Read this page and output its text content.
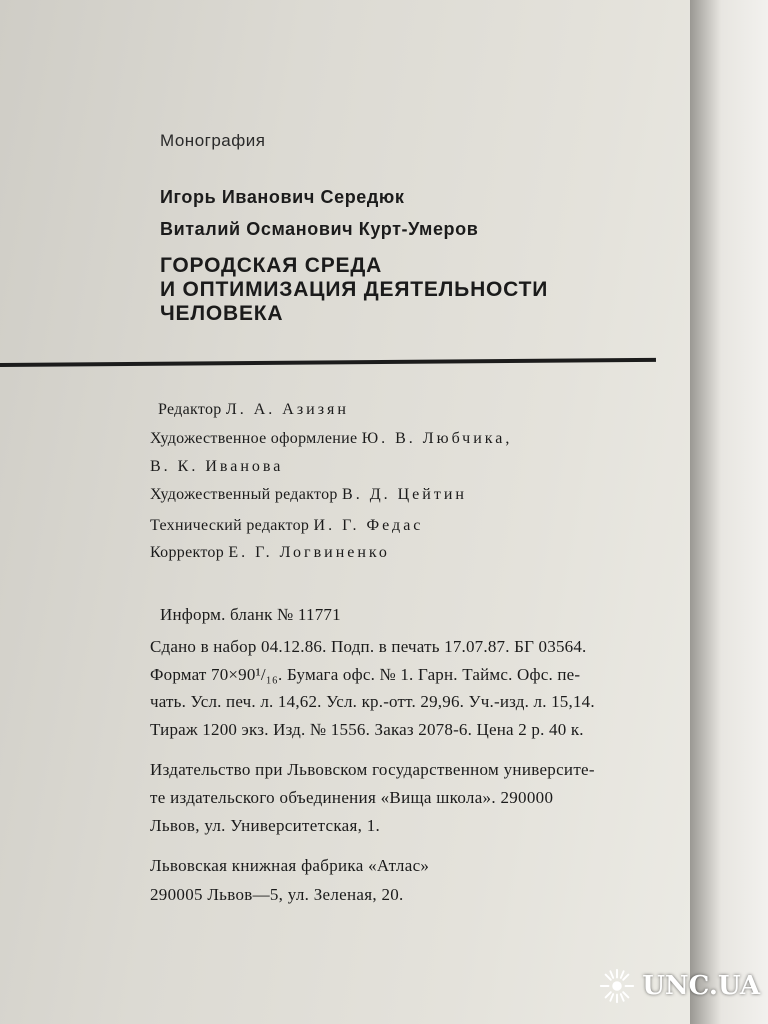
Монография
Игорь Иванович Середюк
Виталий Османович Курт-Умеров
ГОРОДСКАЯ СРЕДА
И ОПТИМИЗАЦИЯ ДЕЯТЕЛЬНОСТИ
ЧЕЛОВЕКА
Редактор Л. А. Азизян
Художественное оформление Ю. В. Любчика,
В. К. Иванова
Художественный редактор В. Д. Цейтин
Технический редактор И. Г. Федас
Корректор Е. Г. Логвиненко
Информ. бланк № 11771
Сдано в набор 04.12.86. Подп. в печать 17.07.87. БГ 03564.
Формат 70×90¹/₁₆. Бумага офс. № 1. Гарн. Таймс. Офс. пе-
чать. Усл. печ. л. 14,62. Усл. кр.-отт. 29,96. Уч.-изд. л. 15,14.
Тираж 1200 экз. Изд. № 1556. Заказ 2078-6. Цена 2 р. 40 к.
Издательство при Львовском государственном университе-
те издательского объединения «Вища школа». 290000
Львов, ул. Университетская, 1.
Львовская книжная фабрика «Атлас»
290005 Львов—5, ул. Зеленая, 20.
UNC.UA
